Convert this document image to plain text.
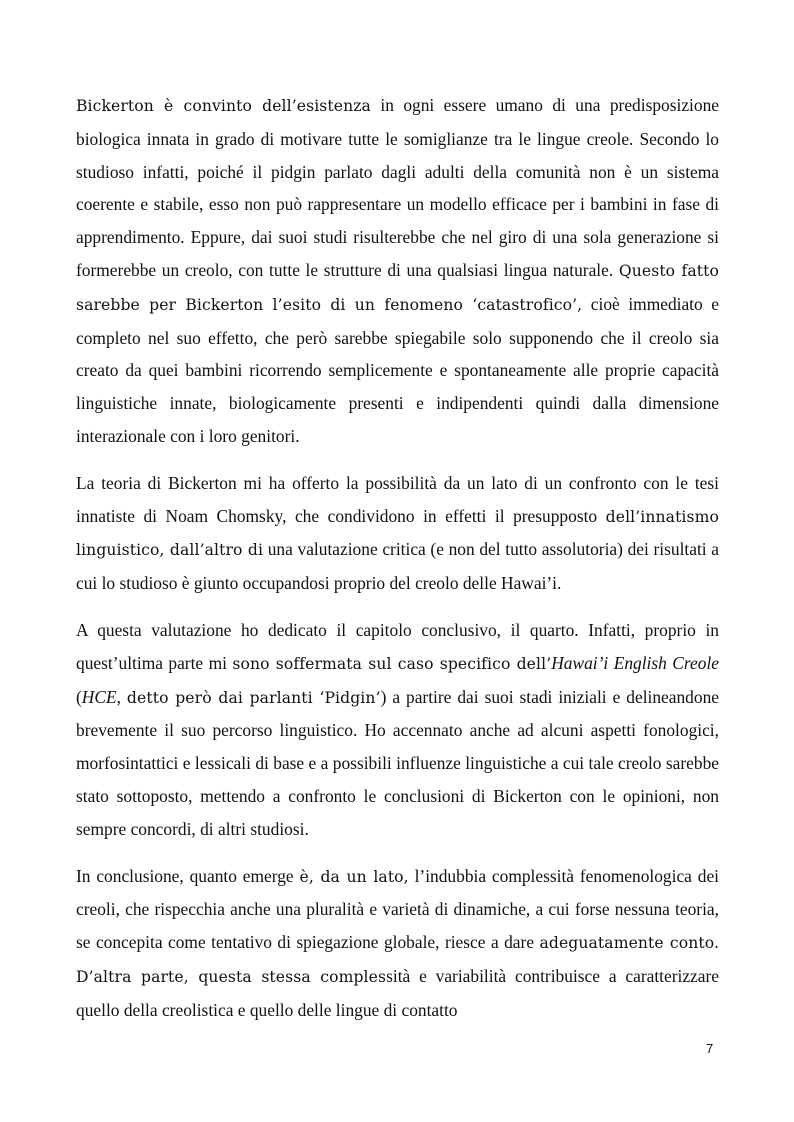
Bickerton è convinto dell’esistenza in ogni essere umano di una predisposizione biologica innata in grado di motivare tutte le somiglianze tra le lingue creole. Secondo lo studioso infatti, poiché il pidgin parlato dagli adulti della comunità non è un sistema coerente e stabile, esso non può rappresentare un modello efficace per i bambini in fase di apprendimento. Eppure, dai suoi studi risulterebbe che nel giro di una sola generazione si formerebbe un creolo, con tutte le strutture di una qualsiasi lingua naturale. Questo fatto sarebbe per Bickerton l’esito di un fenomeno ‘catastrofico’, cioè immediato e completo nel suo effetto, che però sarebbe spiegabile solo supponendo che il creolo sia creato da quei bambini ricorrendo semplicemente e spontaneamente alle proprie capacità linguistiche innate, biologicamente presenti e indipendenti quindi dalla dimensione interazionale con i loro genitori.

La teoria di Bickerton mi ha offerto la possibilità da un lato di un confronto con le tesi innatiste di Noam Chomsky, che condividono in effetti il presupposto dell’innatismo linguistico, dall’altro di una valutazione critica (e non del tutto assolutoria) dei risultati a cui lo studioso è giunto occupandosi proprio del creolo delle Hawai’i.

A questa valutazione ho dedicato il capitolo conclusivo, il quarto. Infatti, proprio in quest’ultima parte mi sono soffermata sul caso specifico dell’Hawai’i English Creole (HCE, detto però dai parlanti ‘Pidgin’) a partire dai suoi stadi iniziali e delineandone brevemente il suo percorso linguistico. Ho accennato anche ad alcuni aspetti fonologici, morfosintattici e lessicali di base e a possibili influenze linguistiche a cui tale creolo sarebbe stato sottoposto, mettendo a confronto le conclusioni di Bickerton con le opinioni, non sempre concordi, di altri studiosi.

In conclusione, quanto emerge è, da un lato, l’indubbia complessità fenomenologica dei creoli, che rispecchia anche una pluralità e varietà di dinamiche, a cui forse nessuna teoria, se concepita come tentativo di spiegazione globale, riesce a dare adeguatamente conto. D’altra parte, questa stessa complessità e variabilità contribuisce a caratterizzare quello della creolistica e quello delle lingue di contatto

7
